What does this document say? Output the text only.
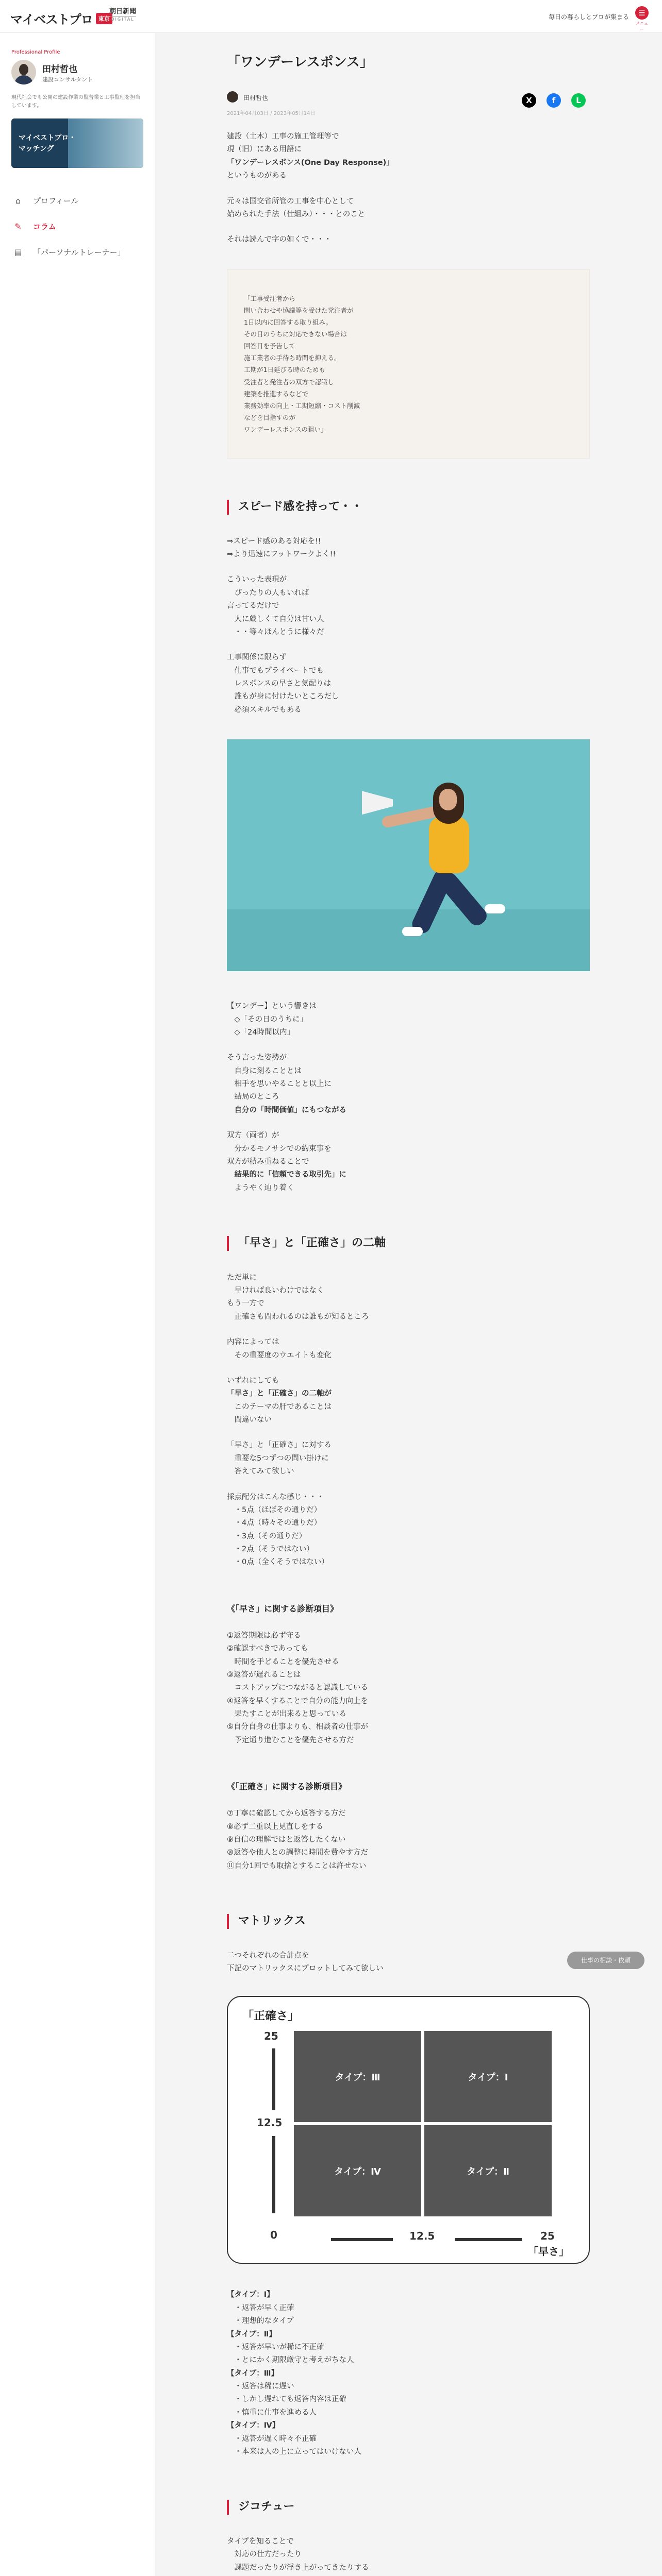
マイベストプロ	東京
朝日新聞
DIGITAL	毎日の暮らしとプロが集まる	☰
メニュー
Professional Profile
田村哲也
建設コンサルタント
現代社会でも公開の建設作業の監督業と工事監理を担当しています。
マイベストプロ・
マッチング
⌂	プロフィール
✎	コラム
▤	「パーソナルトレーナー」
「ワンデーレスポンス」
田村哲也
2021年04月03日 / 2023年05月14日
X	f	L
建設（土木）工事の施工管理等で
現（旧）にある用語に
「ワンデーレスポンス(One Day Response)」
というものがある
元々は国交省所管の工事を中心として
始められた手法（仕組み）・・・とのこと
それは読んで字の如くで・・・
「工事受注者から
問い合わせや協議等を受けた発注者が
1日以内に回答する取り組み。
その日のうちに対応できない場合は
回答日を予告して
施工業者の手待ち時間を抑える。
工期が1日延びる時のためも
受注者と発注者の双方で認識し
建築を推進するなどで
業務効率の向上・工期短縮・コスト削減
などを目指すのが
ワンデーレスポンスの狙い」
スピード感を持って・・
⇒スピード感のある対応を!!
⇒より迅速にフットワークよく!!
こういった表現が
　ぴったりの人もいれば
言ってるだけで
　人に厳しくて自分は甘い人
　・・等々ほんとうに様々だ
工事関係に限らず
　仕事でもプライベートでも
　レスポンスの早さと気配りは
　誰もが身に付けたいところだし
　必須スキルでもある
【ワンデー】という響きは
　◇「その日のうちに」
　◇「24時間以内」
そう言った姿勢が
　自身に刻ることとは
　相手を思いやることと以上に
　結局のところ
　自分の「時間価値」にもつながる
双方（両者）が
　分かるモノサシでの約束事を
双方が積み重ねることで
　結果的に「信頼できる取引先」に
　ようやく辿り着く
「早さ」と「正確さ」の二軸
ただ単に
　早ければ良いわけではなく
もう一方で
　正確さも問われるのは誰もが知るところ
内容によっては
　その重要度のウエイトも変化
いずれにしても
「早さ」と「正確さ」の二軸が
　このテーマの肝であることは
　間違いない
「早さ」と「正確さ」に対する
　重要な5つずつの問い掛けに
　答えてみて欲しい
採点配分はこんな感じ・・・
　・5点（ほぼその通りだ）
　・4点（時々その通りだ）
　・3点（その通りだ）
　・2点（そうではない）
　・0点（全くそうではない）
《「早さ」に関する診断項目》
①返答期限は必ず守る
②確認すべきであっても
　時間を手どることを優先させる
③返答が遅れることは
　コストアップにつながると認識している
④返答を早くすることで自分の能力向上を
　果たすことが出来ると思っている
⑤自分自身の仕事よりも、相談者の仕事が
　予定通り進むことを優先させる方だ
《「正確さ」に関する診断項目》
⑦丁寧に確認してから返答する方だ
⑧必ず二重以上見直しをする
⑨自信の理解ではと返答したくない
⑩返答や他人との調整に時間を費やす方だ
⑪自分1回でも取捨とすることは許せない
マトリックス
二つそれぞれの合計点を
下記のマトリックスにプロットしてみて欲しい
「正確さ」
25
12.5
0
タイプ：Ⅲ	タイプ：Ⅰ
タイプ：Ⅳ	タイプ：Ⅱ
12.5	25
「早さ」
【タイプ：Ⅰ】
　・返答が早く正確
　・理想的なタイプ
【タイプ：Ⅱ】
　・返答が早いが稀に不正確
　・とにかく期限厳守と考えがちな人
【タイプ：Ⅲ】
　・返答は稀に遅い
　・しかし遅れても返答内容は正確
　・慎重に仕事を進める人
【タイプ：Ⅳ】
　・返答が遅く時々不正確
　・本来は人の上に立ってはいけない人
ジコチュー
タイプを知ることで
　対応の仕方だったり
　課題だったりが浮き上がってきたりする

仕事の相談・依頼
